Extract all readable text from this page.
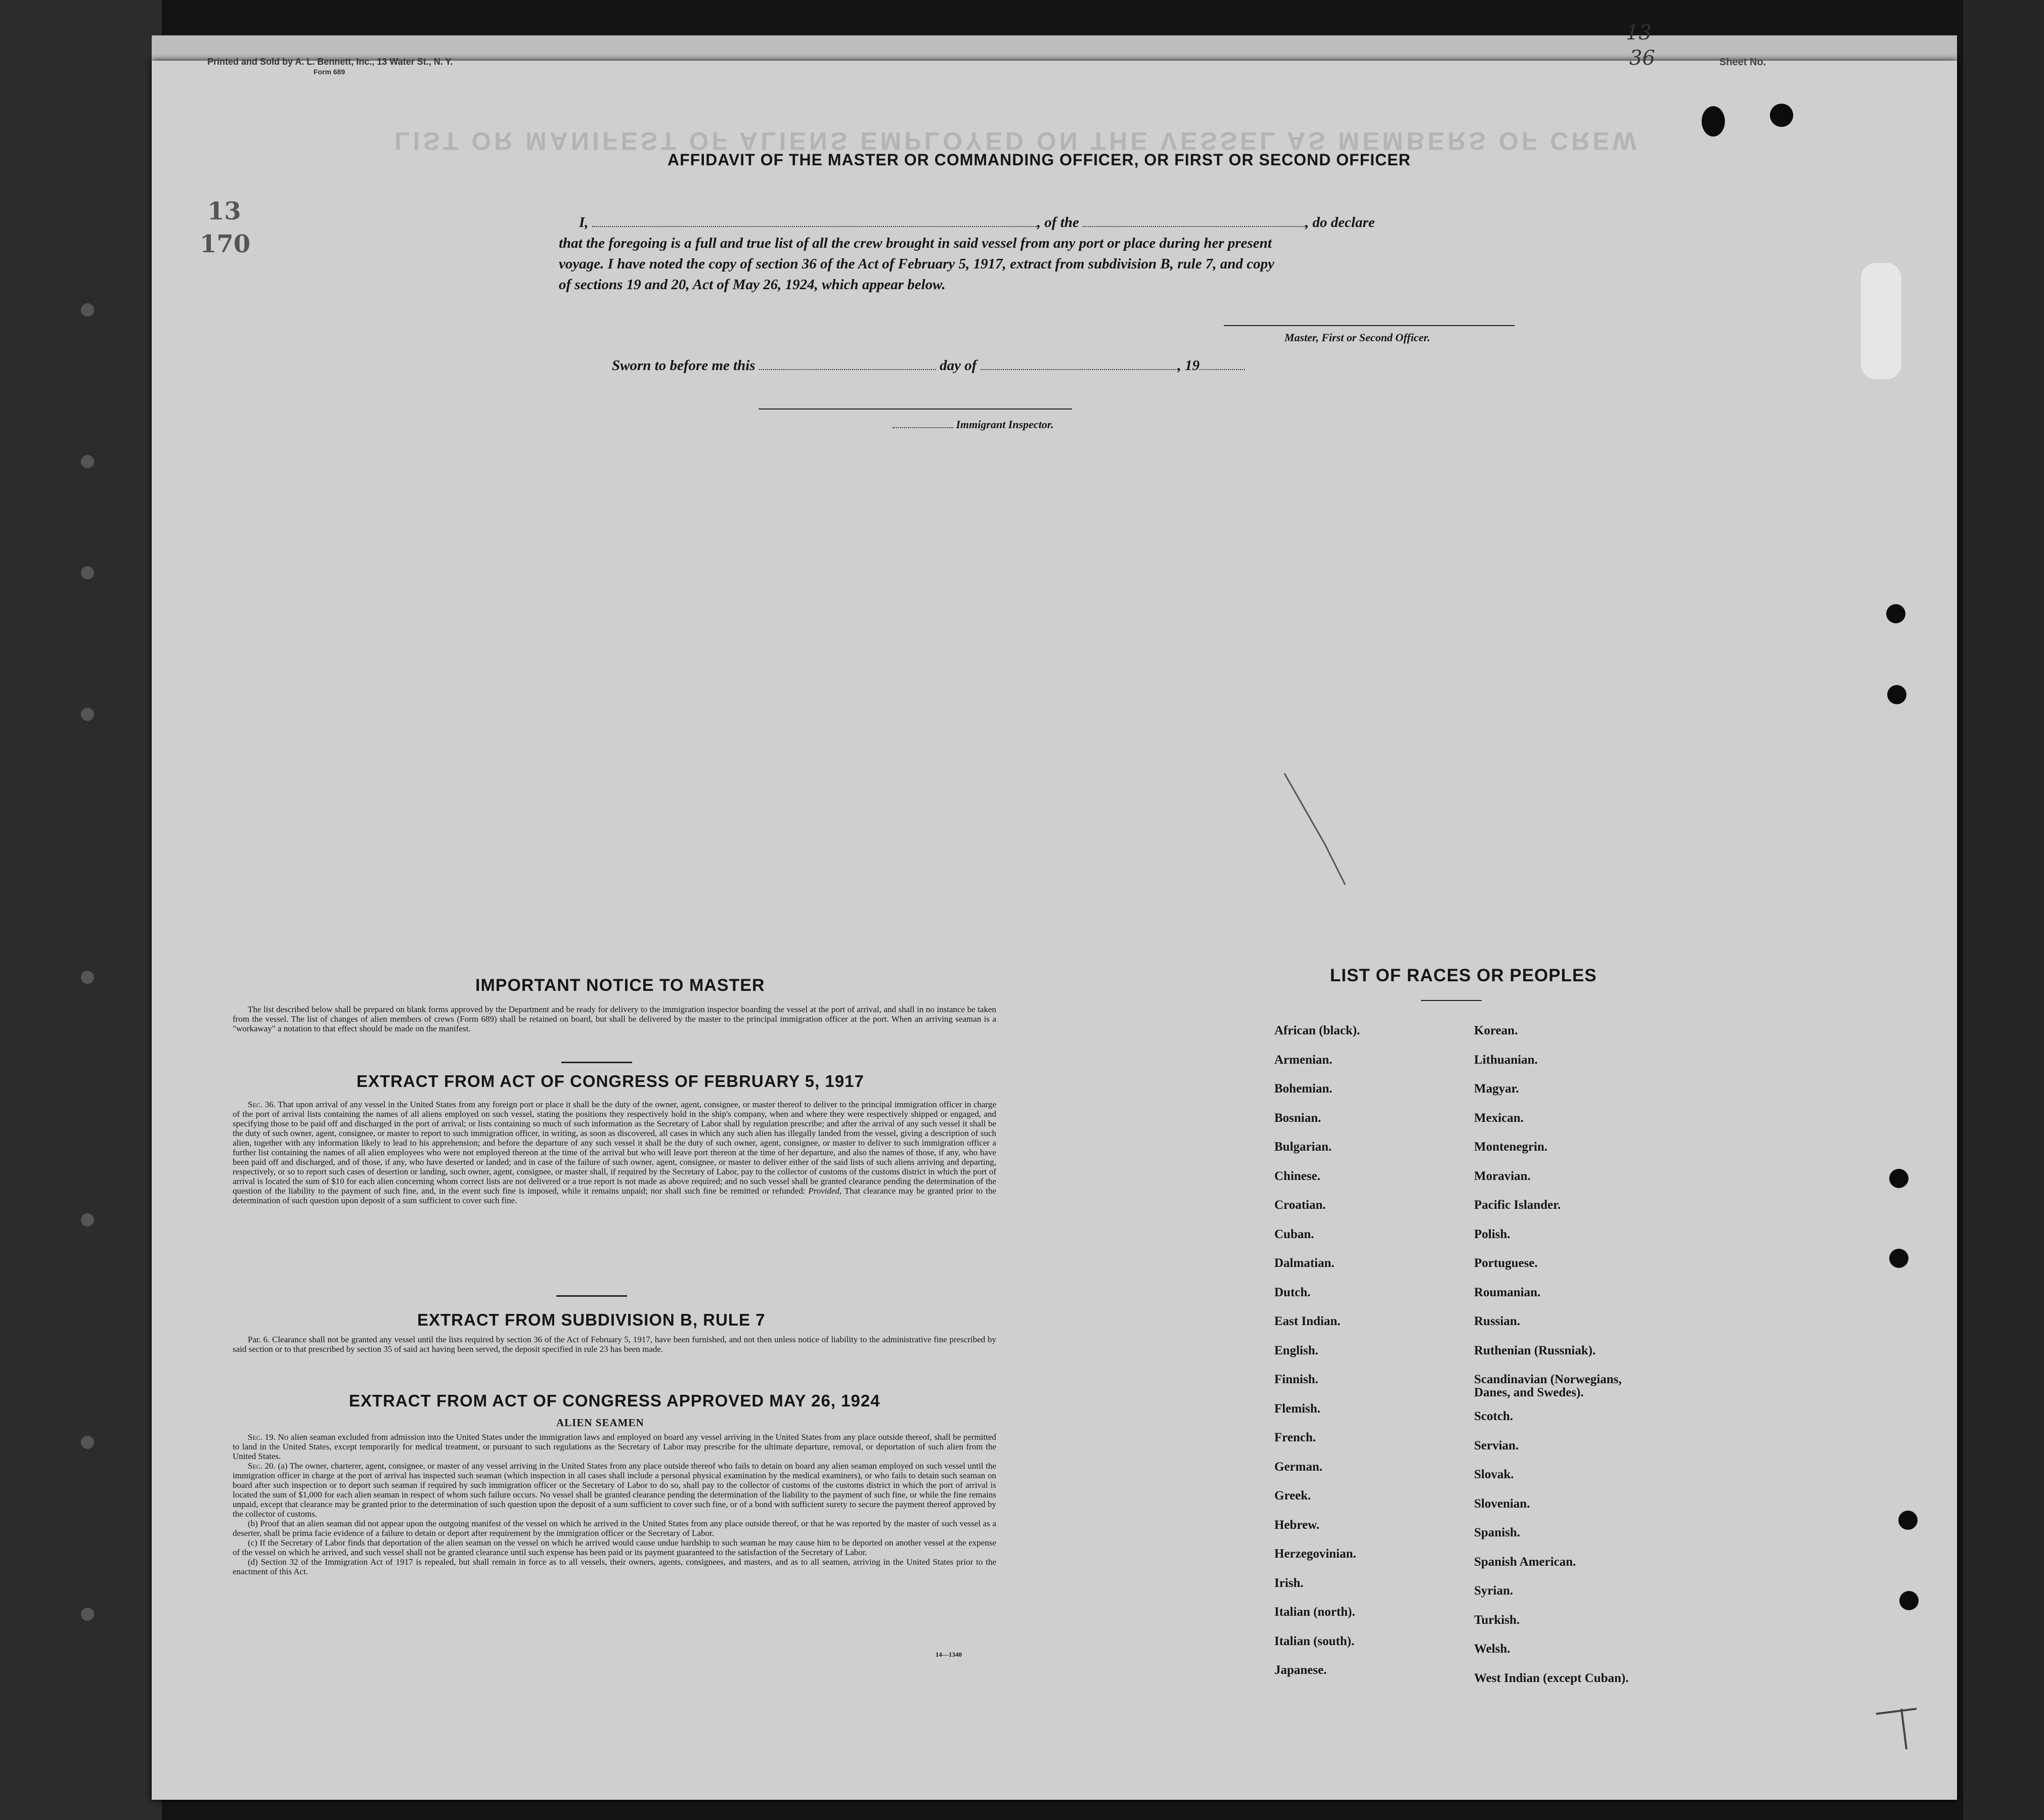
Printed and Sold by A. L. Bennett, Inc., 13 Water St., N. Y.
Form 689
13
36	Sheet No.
LIST OR MANIFEST OF ALIENS EMPLOYED ON THE VESSEL AS MEMBERS OF CREW
13
170
AFFIDAVIT OF THE MASTER OR COMMANDING OFFICER, OR FIRST OR SECOND OFFICER
I,	, of the	, do declare
that the foregoing is a full and true list of all the crew brought in said vessel from any port or place during her present
voyage. I have noted the copy of section 36 of the Act of February 5, 1917, extract from subdivision B, rule 7, and copy
of sections 19 and 20, Act of May 26, 1924, which appear below.
Master, First or Second Officer.
Sworn to before me this	day of	, 19
Immigrant Inspector.
IMPORTANT NOTICE TO MASTER

The list described below shall be prepared on blank forms approved by the Department and be ready for delivery to the immigration inspector boarding the vessel at the port of arrival, and shall in no instance be taken from the vessel. The list of changes of alien members of crews (Form 689) shall be retained on board, but shall be delivered by the master to the principal immigration officer at the port. When an arriving seaman is a "workaway" a notation to that effect should be made on the manifest.

EXTRACT FROM ACT OF CONGRESS OF FEBRUARY 5, 1917

Sec. 36. That upon arrival of any vessel in the United States from any foreign port or place it shall be the duty of the owner, agent, consignee, or master thereof to deliver to the principal immigration officer in charge of the port of arrival lists containing the names of all aliens employed on such vessel, stating the positions they respectively hold in the ship's company, when and where they were respectively shipped or engaged, and specifying those to be paid off and discharged in the port of arrival; or lists containing so much of such information as the Secretary of Labor shall by regulation prescribe; and after the arrival of any such vessel it shall be the duty of such owner, agent, consignee, or master to report to such immigration officer, in writing, as soon as discovered, all cases in which any such alien has illegally landed from the vessel, giving a description of such alien, together with any information likely to lead to his apprehension; and before the departure of any such vessel it shall be the duty of such owner, agent, consignee, or master to deliver to such immigration officer a further list containing the names of all alien employees who were not employed thereon at the time of the arrival but who will leave port thereon at the time of her departure, and also the names of those, if any, who have been paid off and discharged, and of those, if any, who have deserted or landed; and in case of the failure of such owner, agent, consignee, or master to deliver either of the said lists of such aliens arriving and departing, respectively, or so to report such cases of desertion or landing, such owner, agent, consignee, or master shall, if required by the Secretary of Labor, pay to the collector of customs of the customs district in which the port of arrival is located the sum of $10 for each alien concerning whom correct lists are not delivered or a true report is not made as above required; and no such vessel shall be granted clearance pending the determination of the question of the liability to the payment of such fine, and, in the event such fine is imposed, while it remains unpaid; nor shall such fine be remitted or refunded: Provided, That clearance may be granted prior to the determination of such question upon deposit of a sum sufficient to cover such fine.

EXTRACT FROM SUBDIVISION B, RULE 7

Par. 6. Clearance shall not be granted any vessel until the lists required by section 36 of the Act of February 5, 1917, have been furnished, and not then unless notice of liability to the administrative fine prescribed by said section or to that prescribed by section 35 of said act having been served, the deposit specified in rule 23 has been made.

EXTRACT FROM ACT OF CONGRESS APPROVED MAY 26, 1924
ALIEN SEAMEN

Sec. 19. No alien seaman excluded from admission into the United States under the immigration laws and employed on board any vessel arriving in the United States from any place outside thereof, shall be permitted to land in the United States, except temporarily for medical treatment, or pursuant to such regulations as the Secretary of Labor may prescribe for the ultimate departure, removal, or deportation of such alien from the United States.

Sec. 20. (a) The owner, charterer, agent, consignee, or master of any vessel arriving in the United States from any place outside thereof who fails to detain on board any alien seaman employed on such vessel until the immigration officer in charge at the port of arrival has inspected such seaman (which inspection in all cases shall include a personal physical examination by the medical examiners), or who fails to detain such seaman on board after such inspection or to deport such seaman if required by such immigration officer or the Secretary of Labor to do so, shall pay to the collector of customs of the customs district in which the port of arrival is located the sum of $1,000 for each alien seaman in respect of whom such failure occurs. No vessel shall be granted clearance pending the determination of the liability to the payment of such fine, or while the fine remains unpaid, except that clearance may be granted prior to the determination of such question upon the deposit of a sum sufficient to cover such fine, or of a bond with sufficient surety to secure the payment thereof approved by the collector of customs.

(b) Proof that an alien seaman did not appear upon the outgoing manifest of the vessel on which he arrived in the United States from any place outside thereof, or that he was reported by the master of such vessel as a deserter, shall be prima facie evidence of a failure to detain or deport after requirement by the immigration officer or the Secretary of Labor.

(c) If the Secretary of Labor finds that deportation of the alien seaman on the vessel on which he arrived would cause undue hardship to such seaman he may cause him to be deported on another vessel at the expense of the vessel on which he arrived, and such vessel shall not be granted clearance until such expense has been paid or its payment guaranteed to the satisfaction of the Secretary of Labor.

(d) Section 32 of the Immigration Act of 1917 is repealed, but shall remain in force as to all vessels, their owners, agents, consignees, and masters, and as to all seamen, arriving in the United States prior to the enactment of this Act.

14—1340
LIST OF RACES OR PEOPLES
African (black).
Armenian.
Bohemian.
Bosnian.
Bulgarian.
Chinese.
Croatian.
Cuban.
Dalmatian.
Dutch.
East Indian.
English.
Finnish.
Flemish.
French.
German.
Greek.
Hebrew.
Herzegovinian.
Irish.
Italian (north).
Italian (south).
Japanese.
Korean.
Lithuanian.
Magyar.
Mexican.
Montenegrin.
Moravian.
Pacific Islander.
Polish.
Portuguese.
Roumanian.
Russian.
Ruthenian (Russniak).
Scandinavian (Norwegians, Danes, and Swedes).
Scotch.
Servian.
Slovak.
Slovenian.
Spanish.
Spanish American.
Syrian.
Turkish.
Welsh.
West Indian (except Cuban).
